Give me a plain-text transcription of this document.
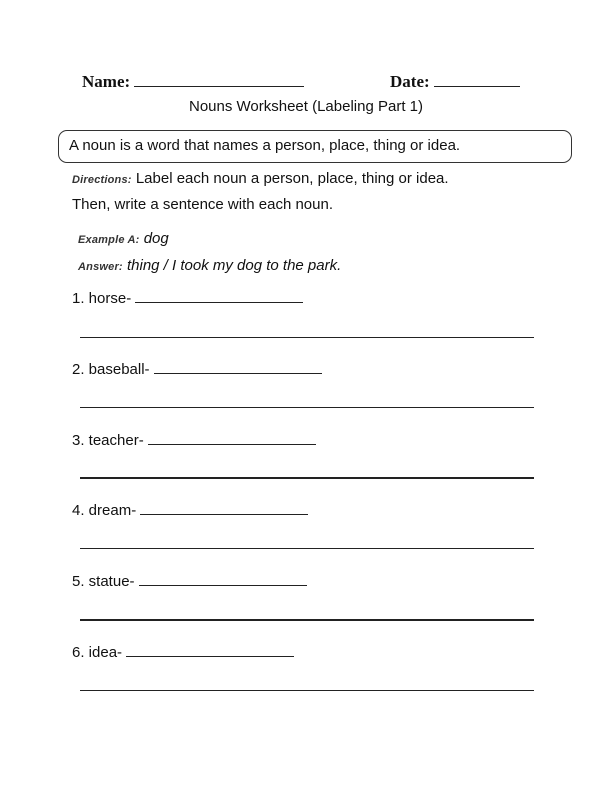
Name:	Date:
Nouns Worksheet (Labeling Part 1)
A noun is a word that names a person, place, thing or idea.
Directions: Label each noun a person, place, thing or idea.
Then, write a sentence with each noun.
Example A: dog
Answer: thing / I took my dog to the park.
1. horse-
2. baseball-
3. teacher-
4. dream-
5. statue-
6. idea-
